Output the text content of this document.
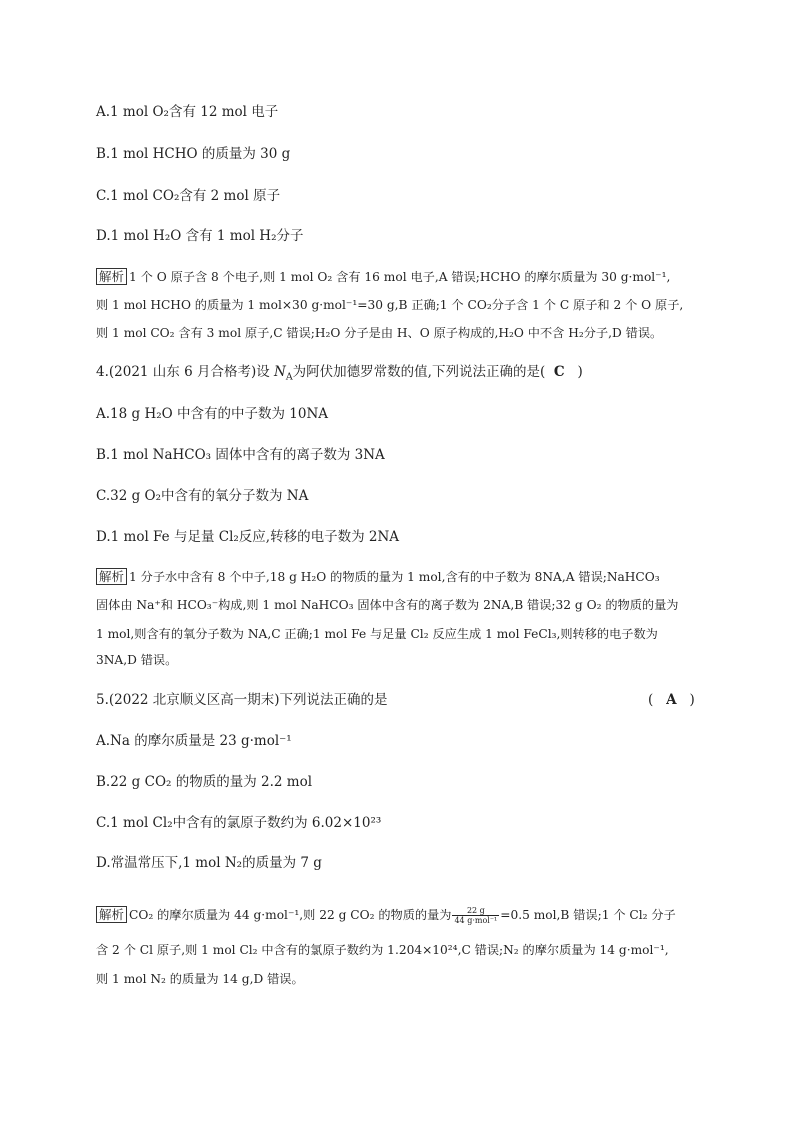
A.1 mol O₂含有 12 mol 电子
B.1 mol HCHO 的质量为 30 g
C.1 mol CO₂含有 2 mol 原子
D.1 mol H₂O 含有 1 mol H₂分子
解析 1 个 O 原子含 8 个电子,则 1 mol O₂ 含有 16 mol 电子,A 错误;HCHO 的摩尔质量为 30 g·mol⁻¹,
则 1 mol HCHO 的质量为 1 mol×30 g·mol⁻¹=30 g,B 正确;1 个 CO₂分子含 1 个 C 原子和 2 个 O 原子,
则 1 mol CO₂ 含有 3 mol 原子,C 错误;H₂O 分子是由 H、O 原子构成的,H₂O 中不含 H₂分子,D 错误。
4.(2021 山东 6 月合格考)设 $N_A$为阿伏加德罗常数的值,下列说法正确的是( C )
A.18 g H₂O 中含有的中子数为 10NA
B.1 mol NaHCO₃ 固体中含有的离子数为 3NA
C.32 g O₂中含有的氧分子数为 NA
D.1 mol Fe 与足量 Cl₂反应,转移的电子数为 2NA
解析 1 分子水中含有 8 个中子,18 g H₂O 的物质的量为 1 mol,含有的中子数为 8NA,A 错误;NaHCO₃
固体由 Na⁺和 HCO₃⁻构成,则 1 mol NaHCO₃ 固体中含有的离子数为 2NA,B 错误;32 g O₂ 的物质的量为
1 mol,则含有的氧分子数为 NA,C 正确;1 mol Fe 与足量 Cl₂ 反应生成 1 mol FeCl₃,则转移的电子数为
3NA,D 错误。
5.(2022 北京顺义区高一期末)下列说法正确的是	( A )
A.Na 的摩尔质量是 23 g·mol⁻¹
B.22 g CO₂ 的物质的量为 2.2 mol
C.1 mol Cl₂中含有的氯原子数约为 6.02×10²³
D.常温常压下,1 mol N₂的质量为 7 g
解析 CO₂ 的摩尔质量为 44 g·mol⁻¹,则 22 g CO₂ 的物质的量为 $\frac{22 g}{\text{44 g·mol⁻¹}} =0.5$ mol,B 错误;1 个 Cl₂ 分子
含 2 个 Cl 原子,则 1 mol Cl₂ 中含有的氯原子数约为 1.204×10²⁴,C 错误;N₂ 的摩尔质量为 14 g·mol⁻¹,
则 1 mol N₂ 的质量为 14 g,D 错误。
